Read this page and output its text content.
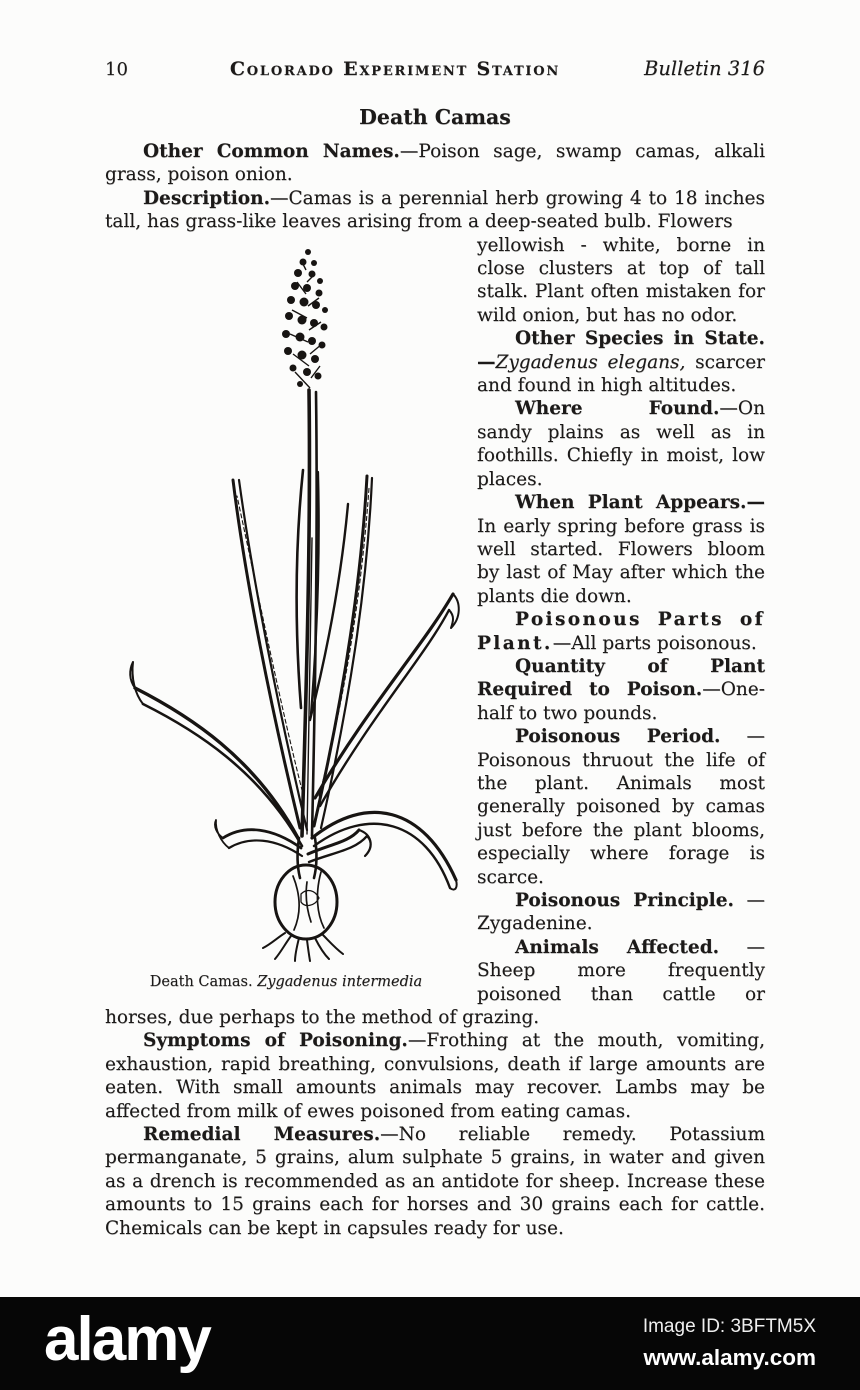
10	Colorado Experiment Station	Bulletin 316
Death Camas

Other Common Names.—Poison sage, swamp camas, alkali grass, poison onion.

Description.—Camas is a perennial herb growing 4 to 18 inches tall, has grass-like leaves arising from a deep-seated bulb. Flowers

Death Camas. Zygadenus intermedia

yellowish - white, borne in close clusters at top of tall stalk. Plant often mistaken for wild onion, but has no odor.

Other Species in State.—Zygadenus elegans, scarcer and found in high altitudes.

Where Found.—On sandy plains as well as in foothills. Chiefly in moist, low places.

When Plant Appears.—In early spring before grass is well started. Flowers bloom by last of May after which the plants die down.

Poisonous Parts of Plant.—All parts poisonous.

Quantity of Plant Required to Poison.—One-half to two pounds.

Poisonous Period. — Poisonous thruout the life of the plant. Animals most generally poisoned by camas just before the plant blooms, especially where forage is scarce.

Poisonous Principle. — Zygadenine.

Animals Affected. — Sheep more frequently poisoned than cattle or horses, due perhaps to the method of grazing.

Symptoms of Poisoning.—Frothing at the mouth, vomiting, exhaustion, rapid breathing, convulsions, death if large amounts are eaten. With small amounts animals may recover. Lambs may be affected from milk of ewes poisoned from eating camas.

Remedial Measures.—No reliable remedy. Potassium permanganate, 5 grains, alum sulphate 5 grains, in water and given as a drench is recommended as an antidote for sheep. Increase these amounts to 15 grains each for horses and 30 grains each for cattle. Chemicals can be kept in capsules ready for use.

alamy	Image ID: 3BFTM5X
www.alamy.com
